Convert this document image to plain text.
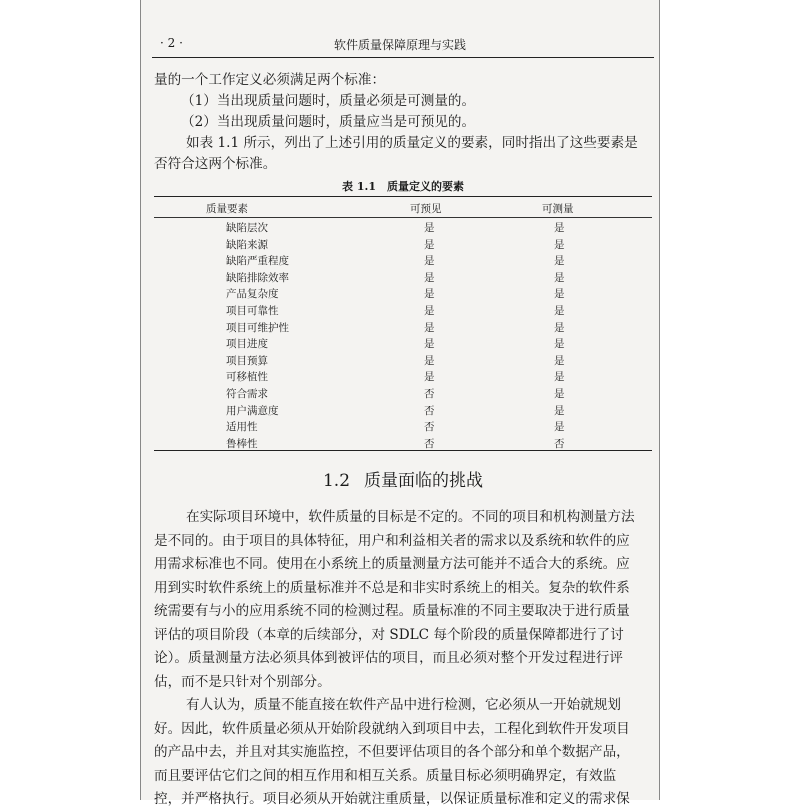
· 2 ·	软件质量保障原理与实践
量的一个工作定义必须满足两个标准：
（1）当出现质量问题时，质量必须是可测量的。
（2）当出现质量问题时，质量应当是可预见的。
如表 1.1 所示，列出了上述引用的质量定义的要素，同时指出了这些要素是
否符合这两个标准。
表 1.1　质量定义的要素
质量要素	可预见	可测量
缺陷层次	是	是
缺陷来源	是	是
缺陷严重程度	是	是
缺陷排除效率	是	是
产品复杂度	是	是
项目可靠性	是	是
项目可维护性	是	是
项目进度	是	是
项目预算	是	是
可移植性	是	是
符合需求	否	是
用户满意度	否	是
适用性	否	是
鲁棒性	否	否
1.2 质量面临的挑战
在实际项目环境中，软件质量的目标是不定的。不同的项目和机构测量方法
是不同的。由于项目的具体特征，用户和利益相关者的需求以及系统和软件的应
用需求标准也不同。使用在小系统上的质量测量方法可能并不适合大的系统。应
用到实时软件系统上的质量标准并不总是和非实时系统上的相关。复杂的软件系
统需要有与小的应用系统不同的检测过程。质量标准的不同主要取决于进行质量
评估的项目阶段（本章的后续部分，对 SDLC 每个阶段的质量保障都进行了讨
论）。质量测量方法必须具体到被评估的项目，而且必须对整个开发过程进行评
估，而不是只针对个别部分。
有人认为，质量不能直接在软件产品中进行检测，它必须从一开始就规划
好。因此，软件质量必须从开始阶段就纳入到项目中去，工程化到软件开发项目
的产品中去，并且对其实施监控，不但要评估项目的各个部分和单个数据产品，
而且要评估它们之间的相互作用和相互关系。质量目标必须明确界定，有效监
控，并严格执行。项目必须从开始就注重质量，以保证质量标准和定义的需求保
